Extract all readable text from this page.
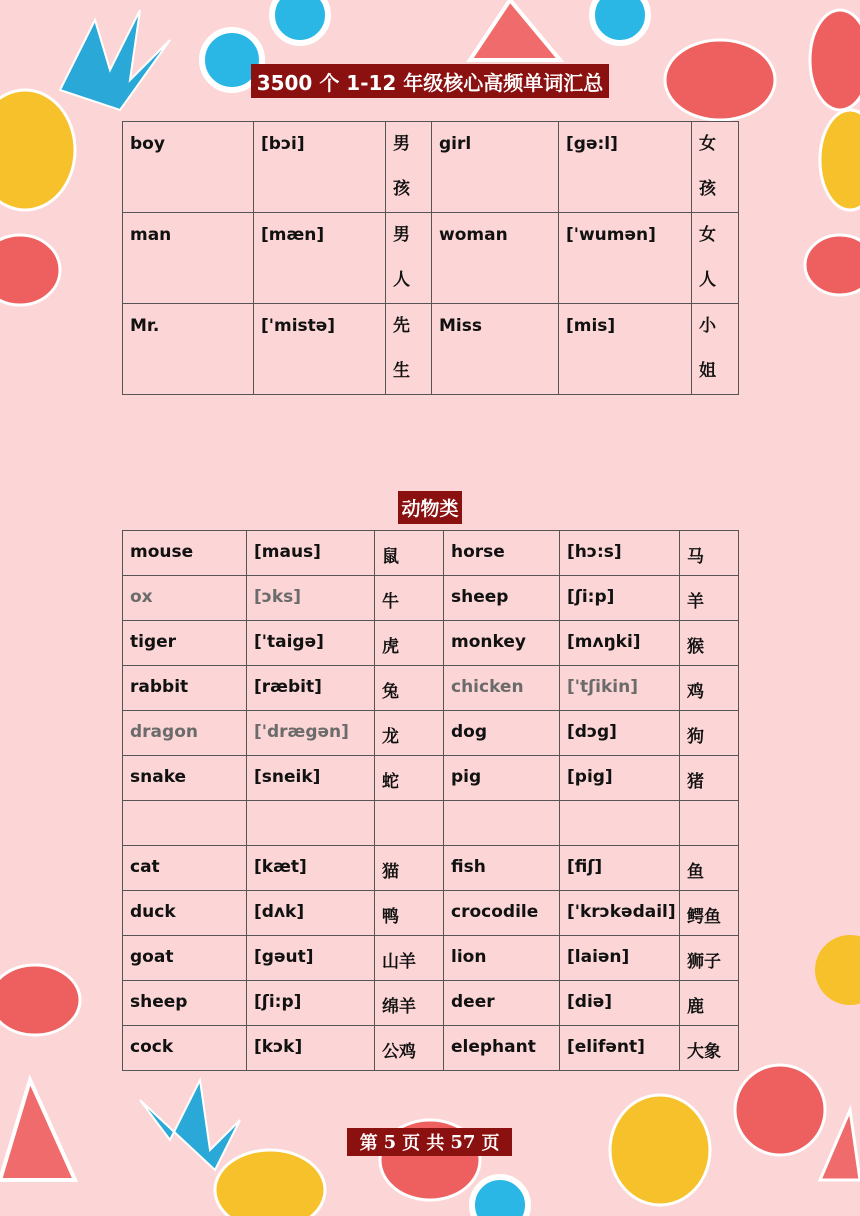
3500 个 1-12 年级核心高频单词汇总
boy	[bɔi]	男孩	girl	[gə:l]	女孩
man	[mæn]	男人	woman	['wumən]	女人
Mr.	['mistə]	先生	Miss	[mis]	小姐
动物类
mouse	[maus]	鼠	horse	[hɔ:s]	马
ox	[ɔks]	牛	sheep	[ʃi:p]	羊
tiger	['taigə]	虎	monkey	[mʌŋki]	猴
rabbit	[ræbit]	兔	chicken	['tʃikin]	鸡
dragon	['drægən]	龙	dog	[dɔg]	狗
snake	[sneik]	蛇	pig	[pig]	猪

cat	[kæt]	猫	fish	[fiʃ]	鱼
duck	[dʌk]	鸭	crocodile	['krɔkədail]	鳄鱼
goat	[gəut]	山羊	lion	[laiən]	狮子
sheep	[ʃi:p]	绵羊	deer	[diə]	鹿
cock	[kɔk]	公鸡	elephant	[elifənt]	大象
第 5 页 共 57 页
